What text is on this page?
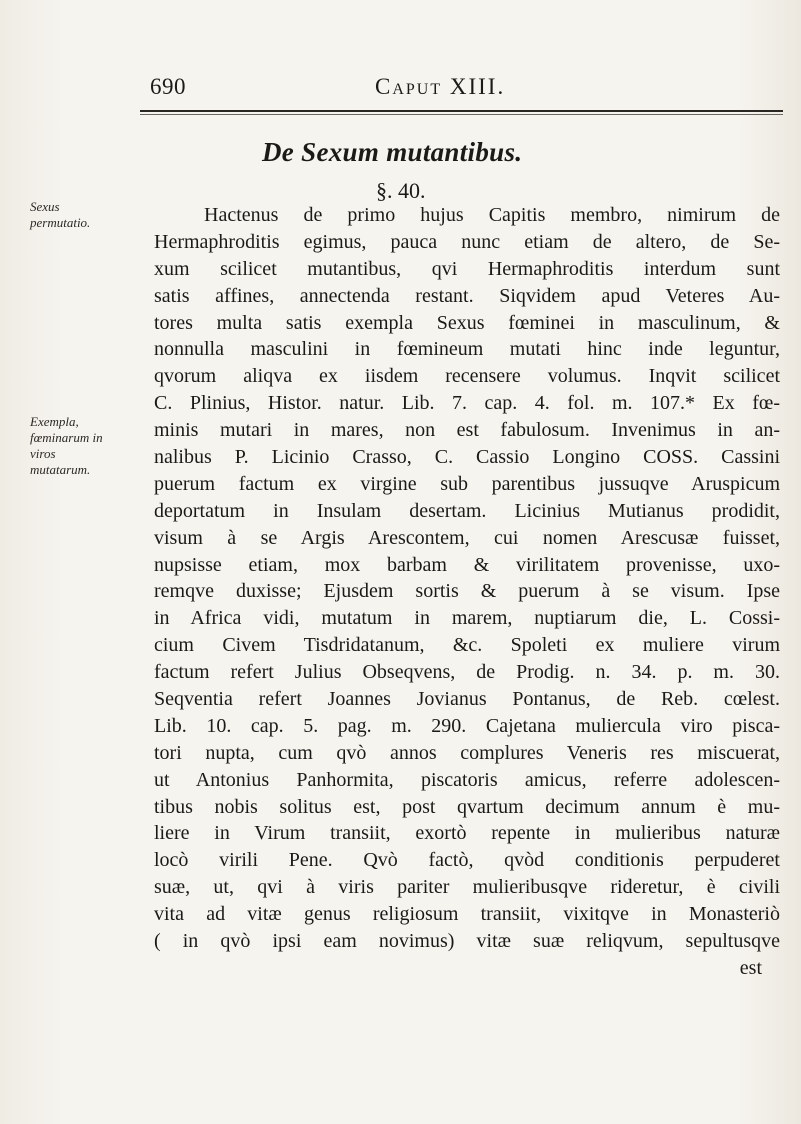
690	Caput XIII.
De Sexum mutantibus.
§. 40.
Sexus permutatio.
Exempla, fœminarum in viros mutatarum.
Hactenus de primo hujus Capitis membro, nimirum de
Hermaphroditis egimus, pauca nunc etiam de altero, de Se-
xum scilicet mutantibus, qvi Hermaphroditis interdum sunt
satis affines, annectenda restant. Siqvidem apud Veteres Au-
tores multa satis exempla Sexus fœminei in masculinum, &
nonnulla masculini in fœmineum mutati hinc inde leguntur,
qvorum aliqva ex iisdem recensere volumus. Inqvit scilicet
C. Plinius, Histor. natur. Lib. 7. cap. 4. fol. m. 107.* Ex fœ-
minis mutari in mares, non est fabulosum. Invenimus in an-
nalibus P. Licinio Crasso, C. Cassio Longino COSS. Cassini
puerum factum ex virgine sub parentibus jussuqve Aruspicum
deportatum in Insulam desertam. Licinius Mutianus prodidit,
visum à se Argis Arescontem, cui nomen Arescusæ fuisset,
nupsisse etiam, mox barbam & virilitatem provenisse, uxo-
remqve duxisse; Ejusdem sortis & puerum à se visum. Ipse
in Africa vidi, mutatum in marem, nuptiarum die, L. Cossi-
cium Civem Tisdridatanum, &c. Spoleti ex muliere virum
factum refert Julius Obseqvens, de Prodig. n. 34. p. m. 30.
Seqventia refert Joannes Jovianus Pontanus, de Reb. cœlest.
Lib. 10. cap. 5. pag. m. 290. Cajetana muliercula viro pisca-
tori nupta, cum qvò annos complures Veneris res miscuerat,
ut Antonius Panhormita, piscatoris amicus, referre adolescen-
tibus nobis solitus est, post qvartum decimum annum è mu-
liere in Virum transiit, exortò repente in mulieribus naturæ
locò virili Pene. Qvò factò, qvòd conditionis perpuderet
suæ, ut, qvi à viris pariter mulieribusqve rideretur, è civili
vita ad vitæ genus religiosum transiit, vixitqve in Monasteriò
( in qvò ipsi eam novimus) vitæ suæ reliqvum, sepultusqve
est
